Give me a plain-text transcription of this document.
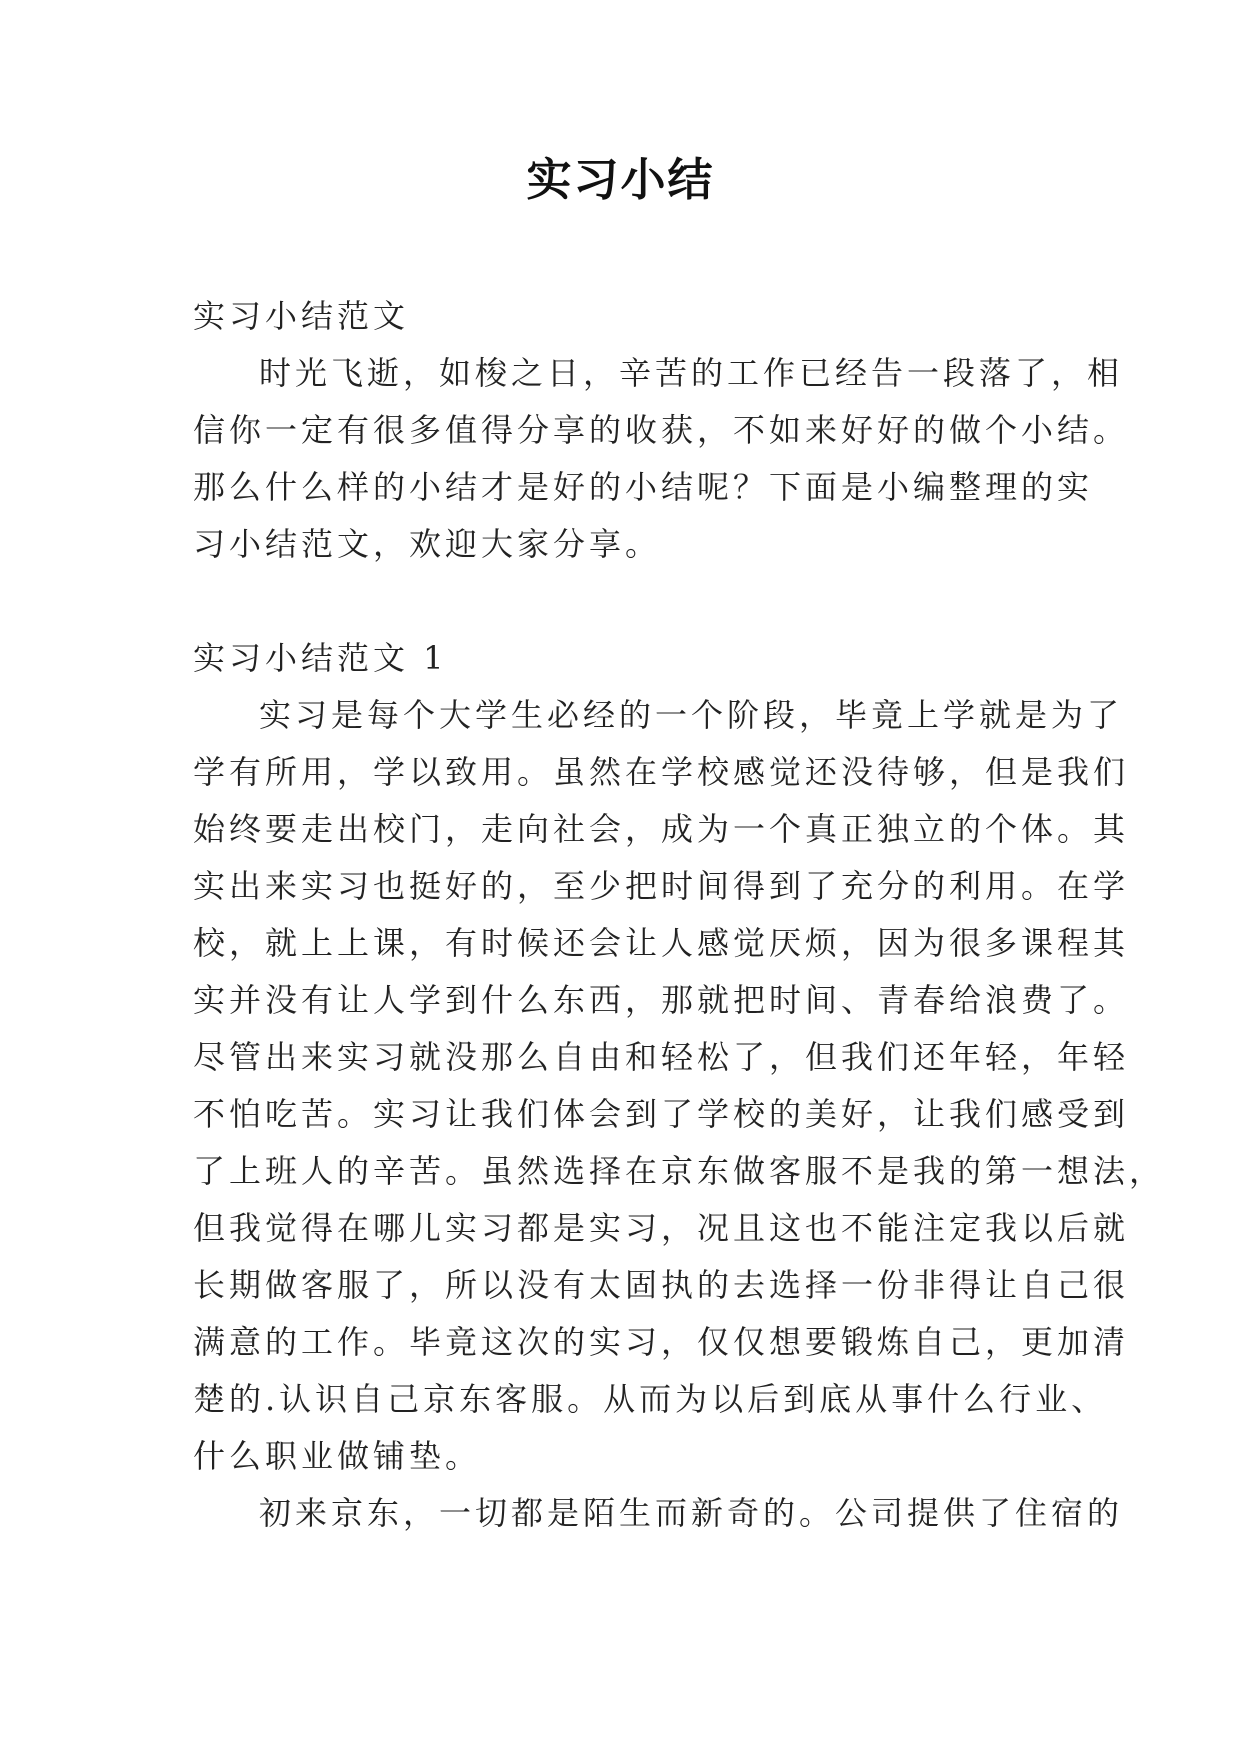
实习小结
实习小结范文
时光飞逝，如梭之日，辛苦的工作已经告一段落了，相
信你一定有很多值得分享的收获，不如来好好的做个小结。
那么什么样的小结才是好的小结呢？下面是小编整理的实
习小结范文，欢迎大家分享。
实习小结范文 1
实习是每个大学生必经的一个阶段，毕竟上学就是为了
学有所用，学以致用。虽然在学校感觉还没待够，但是我们
始终要走出校门，走向社会，成为一个真正独立的个体。其
实出来实习也挺好的，至少把时间得到了充分的利用。在学
校，就上上课，有时候还会让人感觉厌烦，因为很多课程其
实并没有让人学到什么东西，那就把时间、青春给浪费了。
尽管出来实习就没那么自由和轻松了，但我们还年轻，年轻
不怕吃苦。实习让我们体会到了学校的美好，让我们感受到
了上班人的辛苦。虽然选择在京东做客服不是我的第一想法，
但我觉得在哪儿实习都是实习，况且这也不能注定我以后就
长期做客服了，所以没有太固执的去选择一份非得让自己很
满意的工作。毕竟这次的实习，仅仅想要锻炼自己，更加清
楚的.认识自己京东客服。从而为以后到底从事什么行业、
什么职业做铺垫。
初来京东，一切都是陌生而新奇的。公司提供了住宿的
